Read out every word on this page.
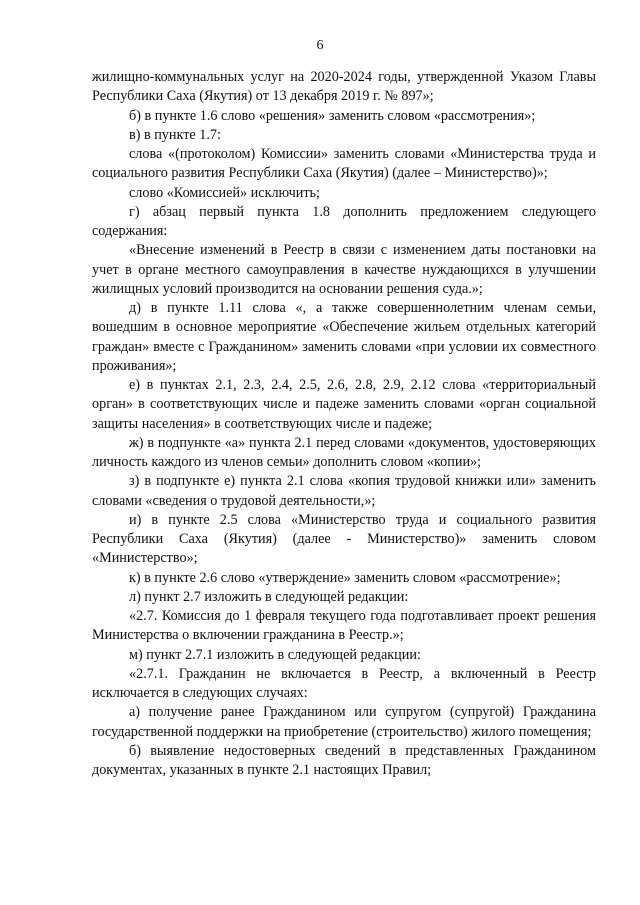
6

жилищно-коммунальных услуг на 2020-2024 годы, утвержденной Указом Главы Республики Саха (Якутия) от 13 декабря 2019 г. № 897»;

б) в пункте 1.6 слово «решения» заменить словом «рассмотрения»;

в) в пункте 1.7:

слова «(протоколом) Комиссии» заменить словами «Министерства труда и социального развития Республики Саха (Якутия) (далее – Министерство)»;

слово «Комиссией» исключить;

г) абзац первый пункта 1.8 дополнить предложением следующего содержания:

«Внесение изменений в Реестр в связи с изменением даты постановки на учет в органе местного самоуправления в качестве нуждающихся в улучшении жилищных условий производится на основании решения суда.»;

д) в пункте 1.11 слова «, а также совершеннолетним членам семьи, вошедшим в основное мероприятие «Обеспечение жильем отдельных категорий граждан» вместе с Гражданином» заменить словами «при условии их совместного проживания»;

е) в пунктах 2.1, 2.3, 2.4, 2.5, 2.6, 2.8, 2.9, 2.12 слова «территориальный орган» в соответствующих числе и падеже заменить словами «орган социальной защиты населения» в соответствующих числе и падеже;

ж) в подпункте «а» пункта 2.1 перед словами «документов, удостоверяющих личность каждого из членов семьи» дополнить словом «копии»;

з) в подпункте е) пункта 2.1 слова «копия трудовой книжки или» заменить словами «сведения о трудовой деятельности,»;

и) в пункте 2.5 слова «Министерство труда и социального развития Республики Саха (Якутия) (далее - Министерство)» заменить словом «Министерство»;

к) в пункте 2.6 слово «утверждение» заменить словом «рассмотрение»;

л) пункт 2.7 изложить в следующей редакции:

«2.7. Комиссия до 1 февраля текущего года подготавливает проект решения Министерства о включении гражданина в Реестр.»;

м) пункт 2.7.1 изложить в следующей редакции:

«2.7.1. Гражданин не включается в Реестр, а включенный в Реестр исключается в следующих случаях:

а) получение ранее Гражданином или супругом (супругой) Гражданина государственной поддержки на приобретение (строительство) жилого помещения;

б) выявление недостоверных сведений в представленных Гражданином документах, указанных в пункте 2.1 настоящих Правил;
